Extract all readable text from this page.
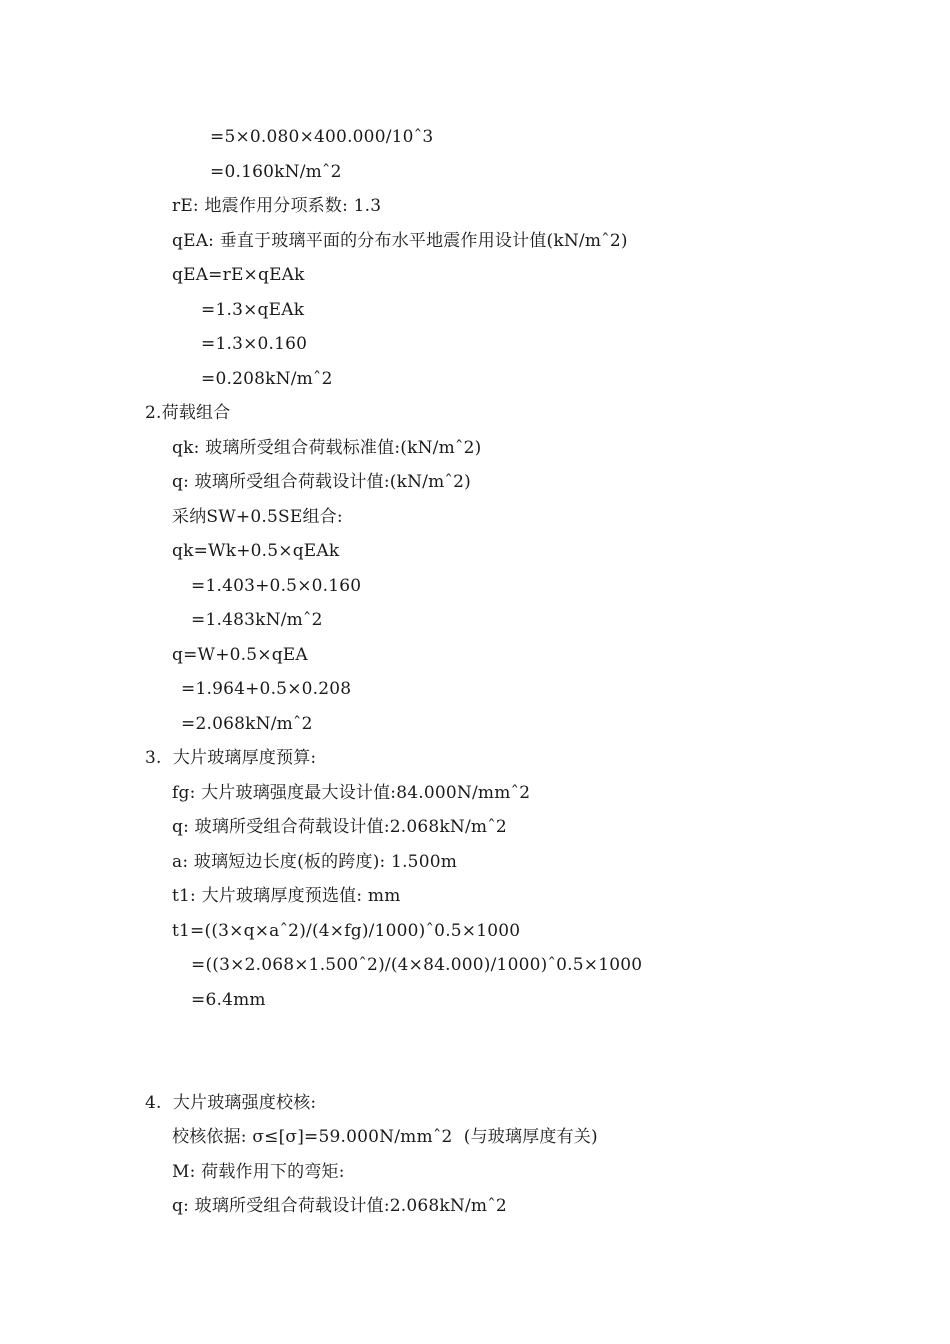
=5×0.080×400.000/10ˆ3
=0.160kN/mˆ2
rE: 地震作用分项系数: 1.3
qEA: 垂直于玻璃平面的分布水平地震作用设计值(kN/mˆ2)
qEA=rE×qEAk
=1.3×qEAk
=1.3×0.160
=0.208kN/mˆ2
2.荷载组合
qk: 玻璃所受组合荷载标准值:(kN/mˆ2)
q: 玻璃所受组合荷载设计值:(kN/mˆ2)
采纳SW+0.5SE组合:
qk=Wk+0.5×qEAk
=1.403+0.5×0.160
=1.483kN/mˆ2
q=W+0.5×qEA
=1.964+0.5×0.208
=2.068kN/mˆ2
3.  大片玻璃厚度预算:
fg: 大片玻璃强度最大设计值:84.000N/mmˆ2
q: 玻璃所受组合荷载设计值:2.068kN/mˆ2
a: 玻璃短边长度(板的跨度): 1.500m
t1: 大片玻璃厚度预选值: mm
t1=((3×q×aˆ2)/(4×fg)/1000)ˆ0.5×1000
=((3×2.068×1.500ˆ2)/(4×84.000)/1000)ˆ0.5×1000
=6.4mm
4.  大片玻璃强度校核:
校核依据: σ≤[σ]=59.000N/mmˆ2  (与玻璃厚度有关)
M: 荷载作用下的弯矩:
q: 玻璃所受组合荷载设计值:2.068kN/mˆ2
